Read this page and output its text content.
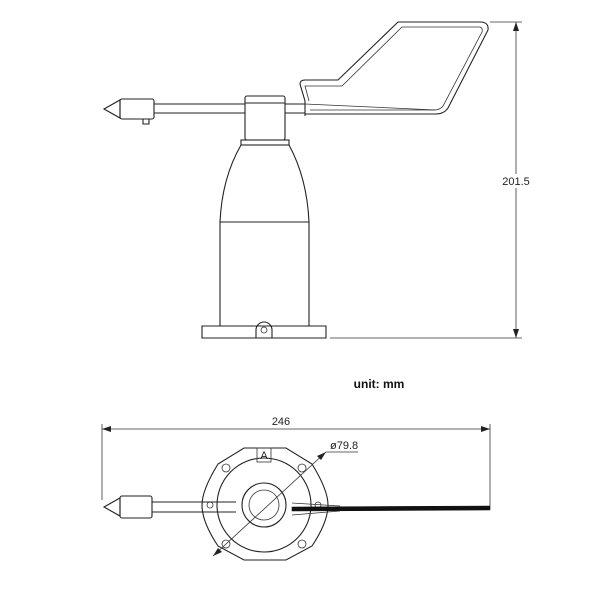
201.5
unit: mm
246
A
ø79.8
